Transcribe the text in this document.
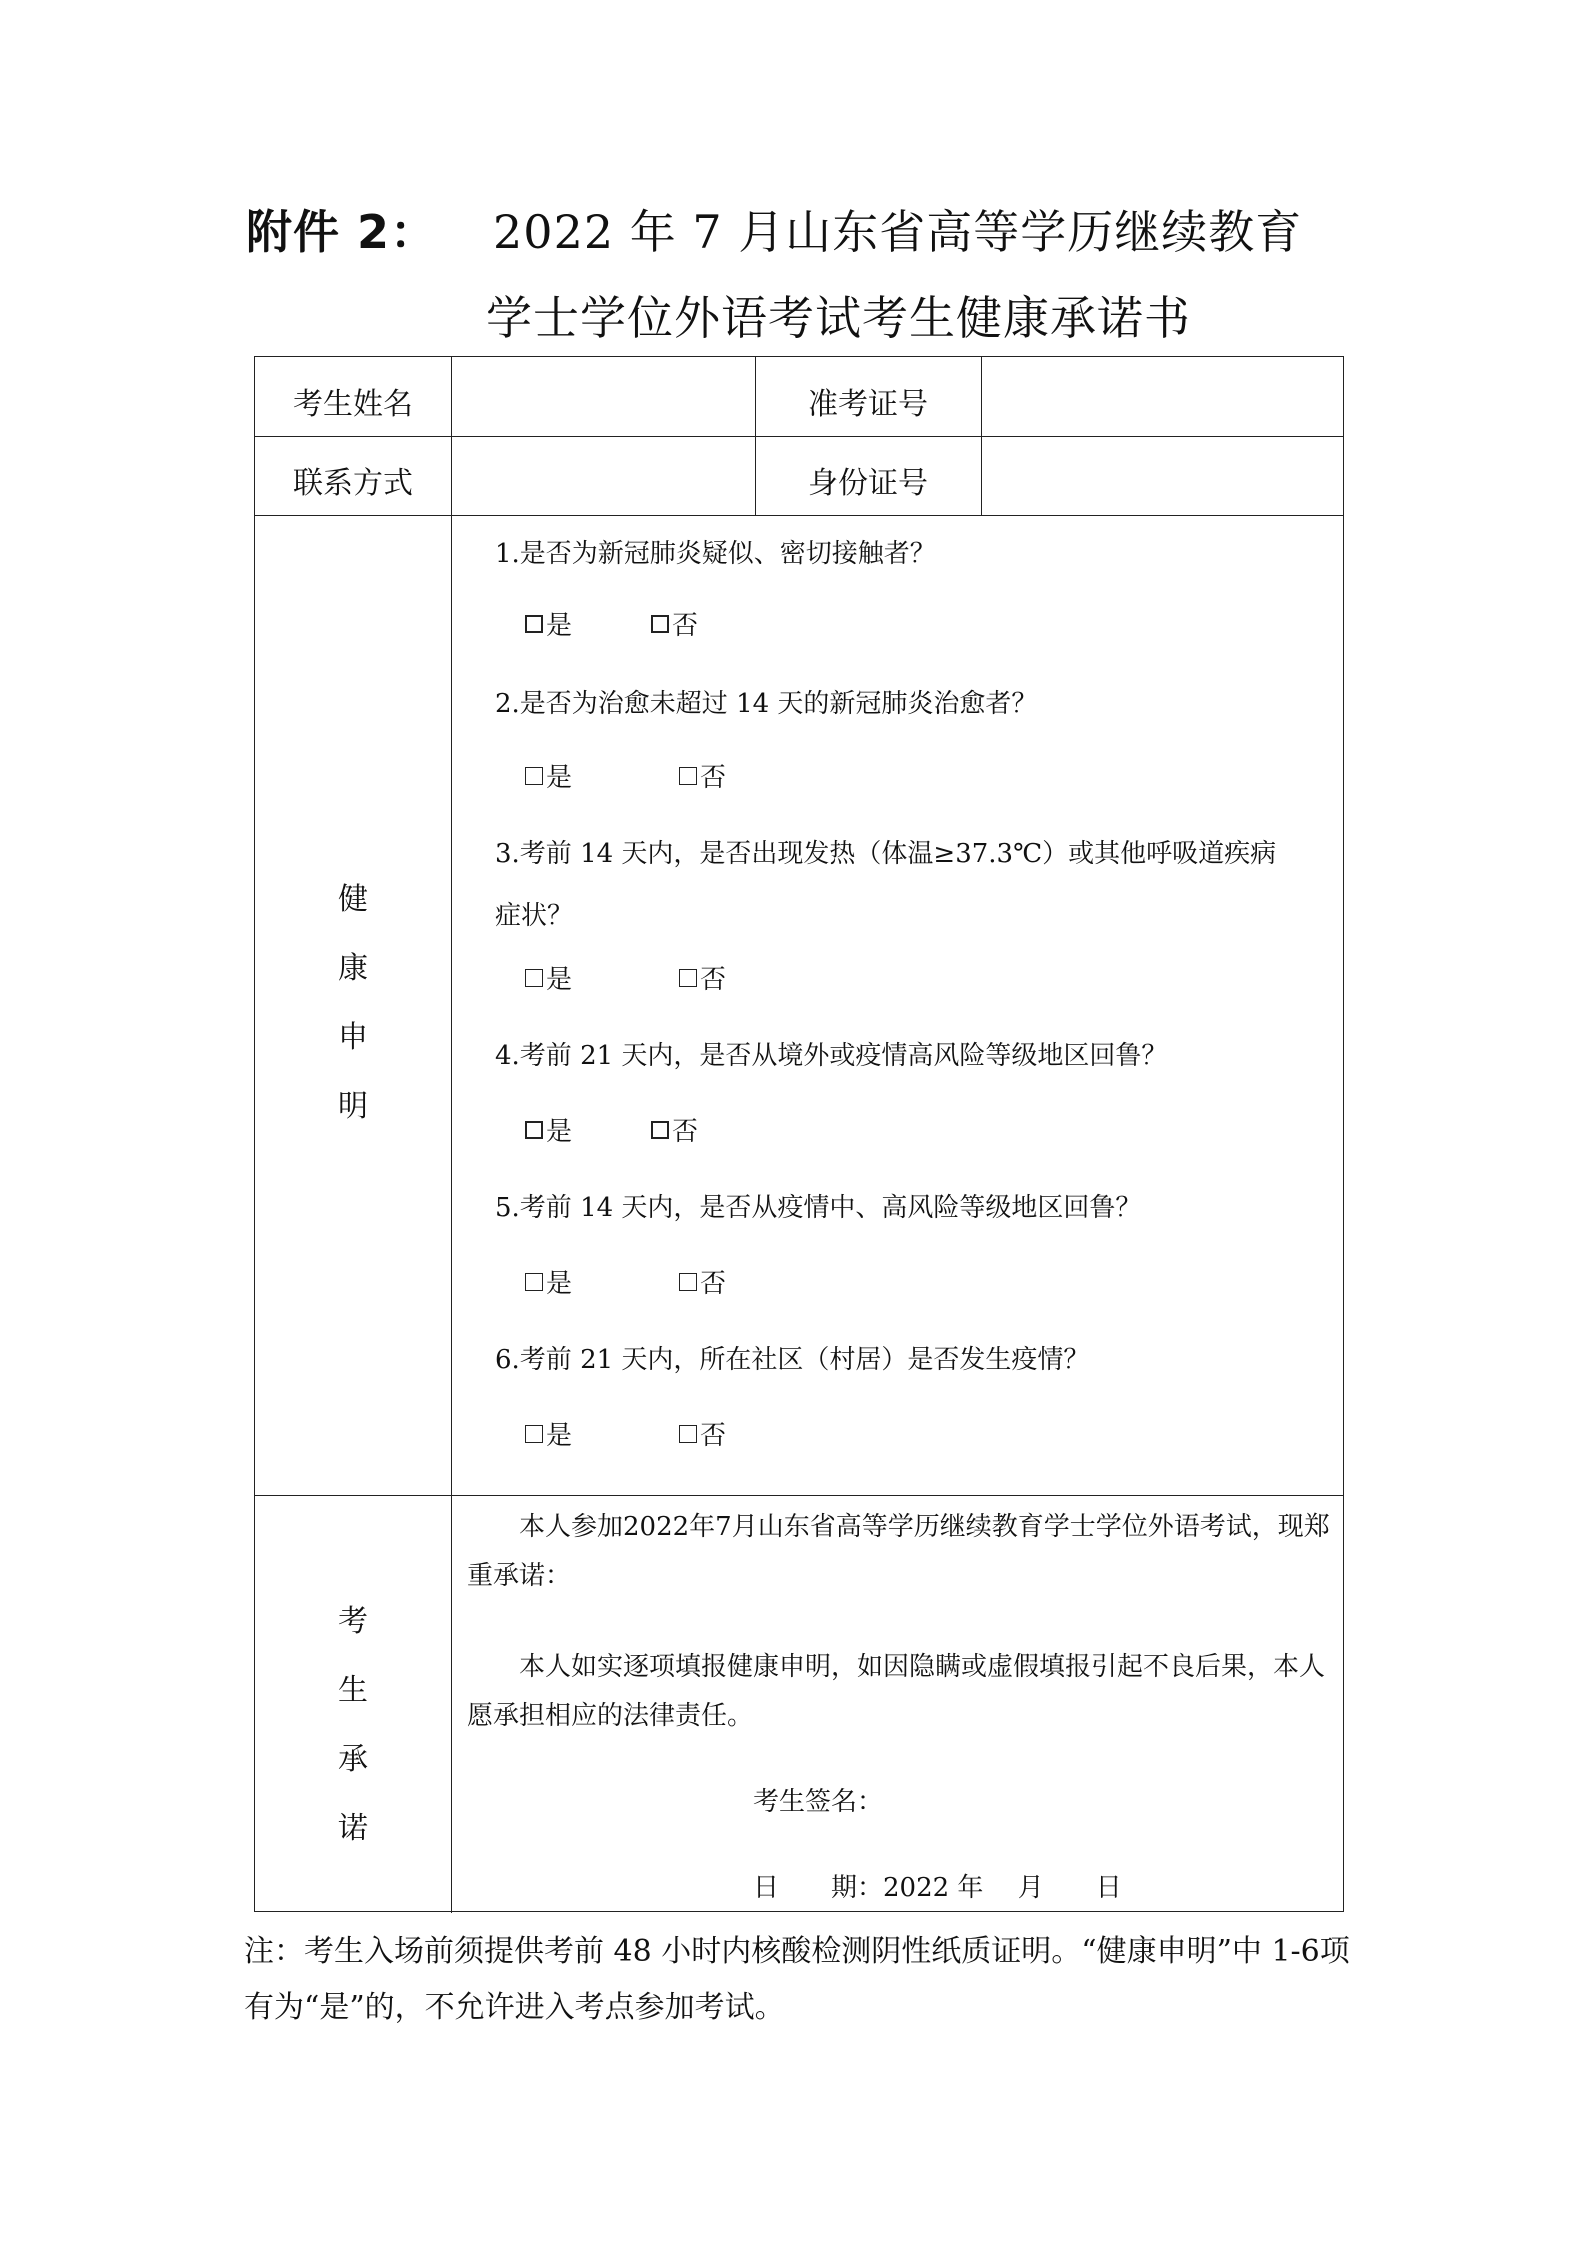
附件 2： 2022 年 7 月山东省高等学历继续教育
学士学位外语考试考生健康承诺书
考生姓名	准考证号
联系方式	身份证号
健
康
申
明
1.是否为新冠肺炎疑似、密切接触者？
是	否
2.是否为治愈未超过 14 天的新冠肺炎治愈者？
是	否
3.考前 14 天内，是否出现发热（体温≥37.3℃）或其他呼吸道疾病
症状？
是	否
4.考前 21 天内，是否从境外或疫情高风险等级地区回鲁？
是	否
5.考前 14 天内，是否从疫情中、高风险等级地区回鲁？
是	否
6.考前 21 天内，所在社区（村居）是否发生疫情？
是	否
考
生
承
诺

本人参加2022年7月山东省高等学历继续教育学士学位外语考试，现郑重承诺：

本人如实逐项填报健康申明，如因隐瞒或虚假填报引起不良后果，本人愿承担相应的法律责任。

考生签名：
日　　期：2022 年　 月　　日
注：考生入场前须提供考前 48 小时内核酸检测阴性纸质证明。“健康申明”中 1-6项有为“是”的，不允许进入考点参加考试。
